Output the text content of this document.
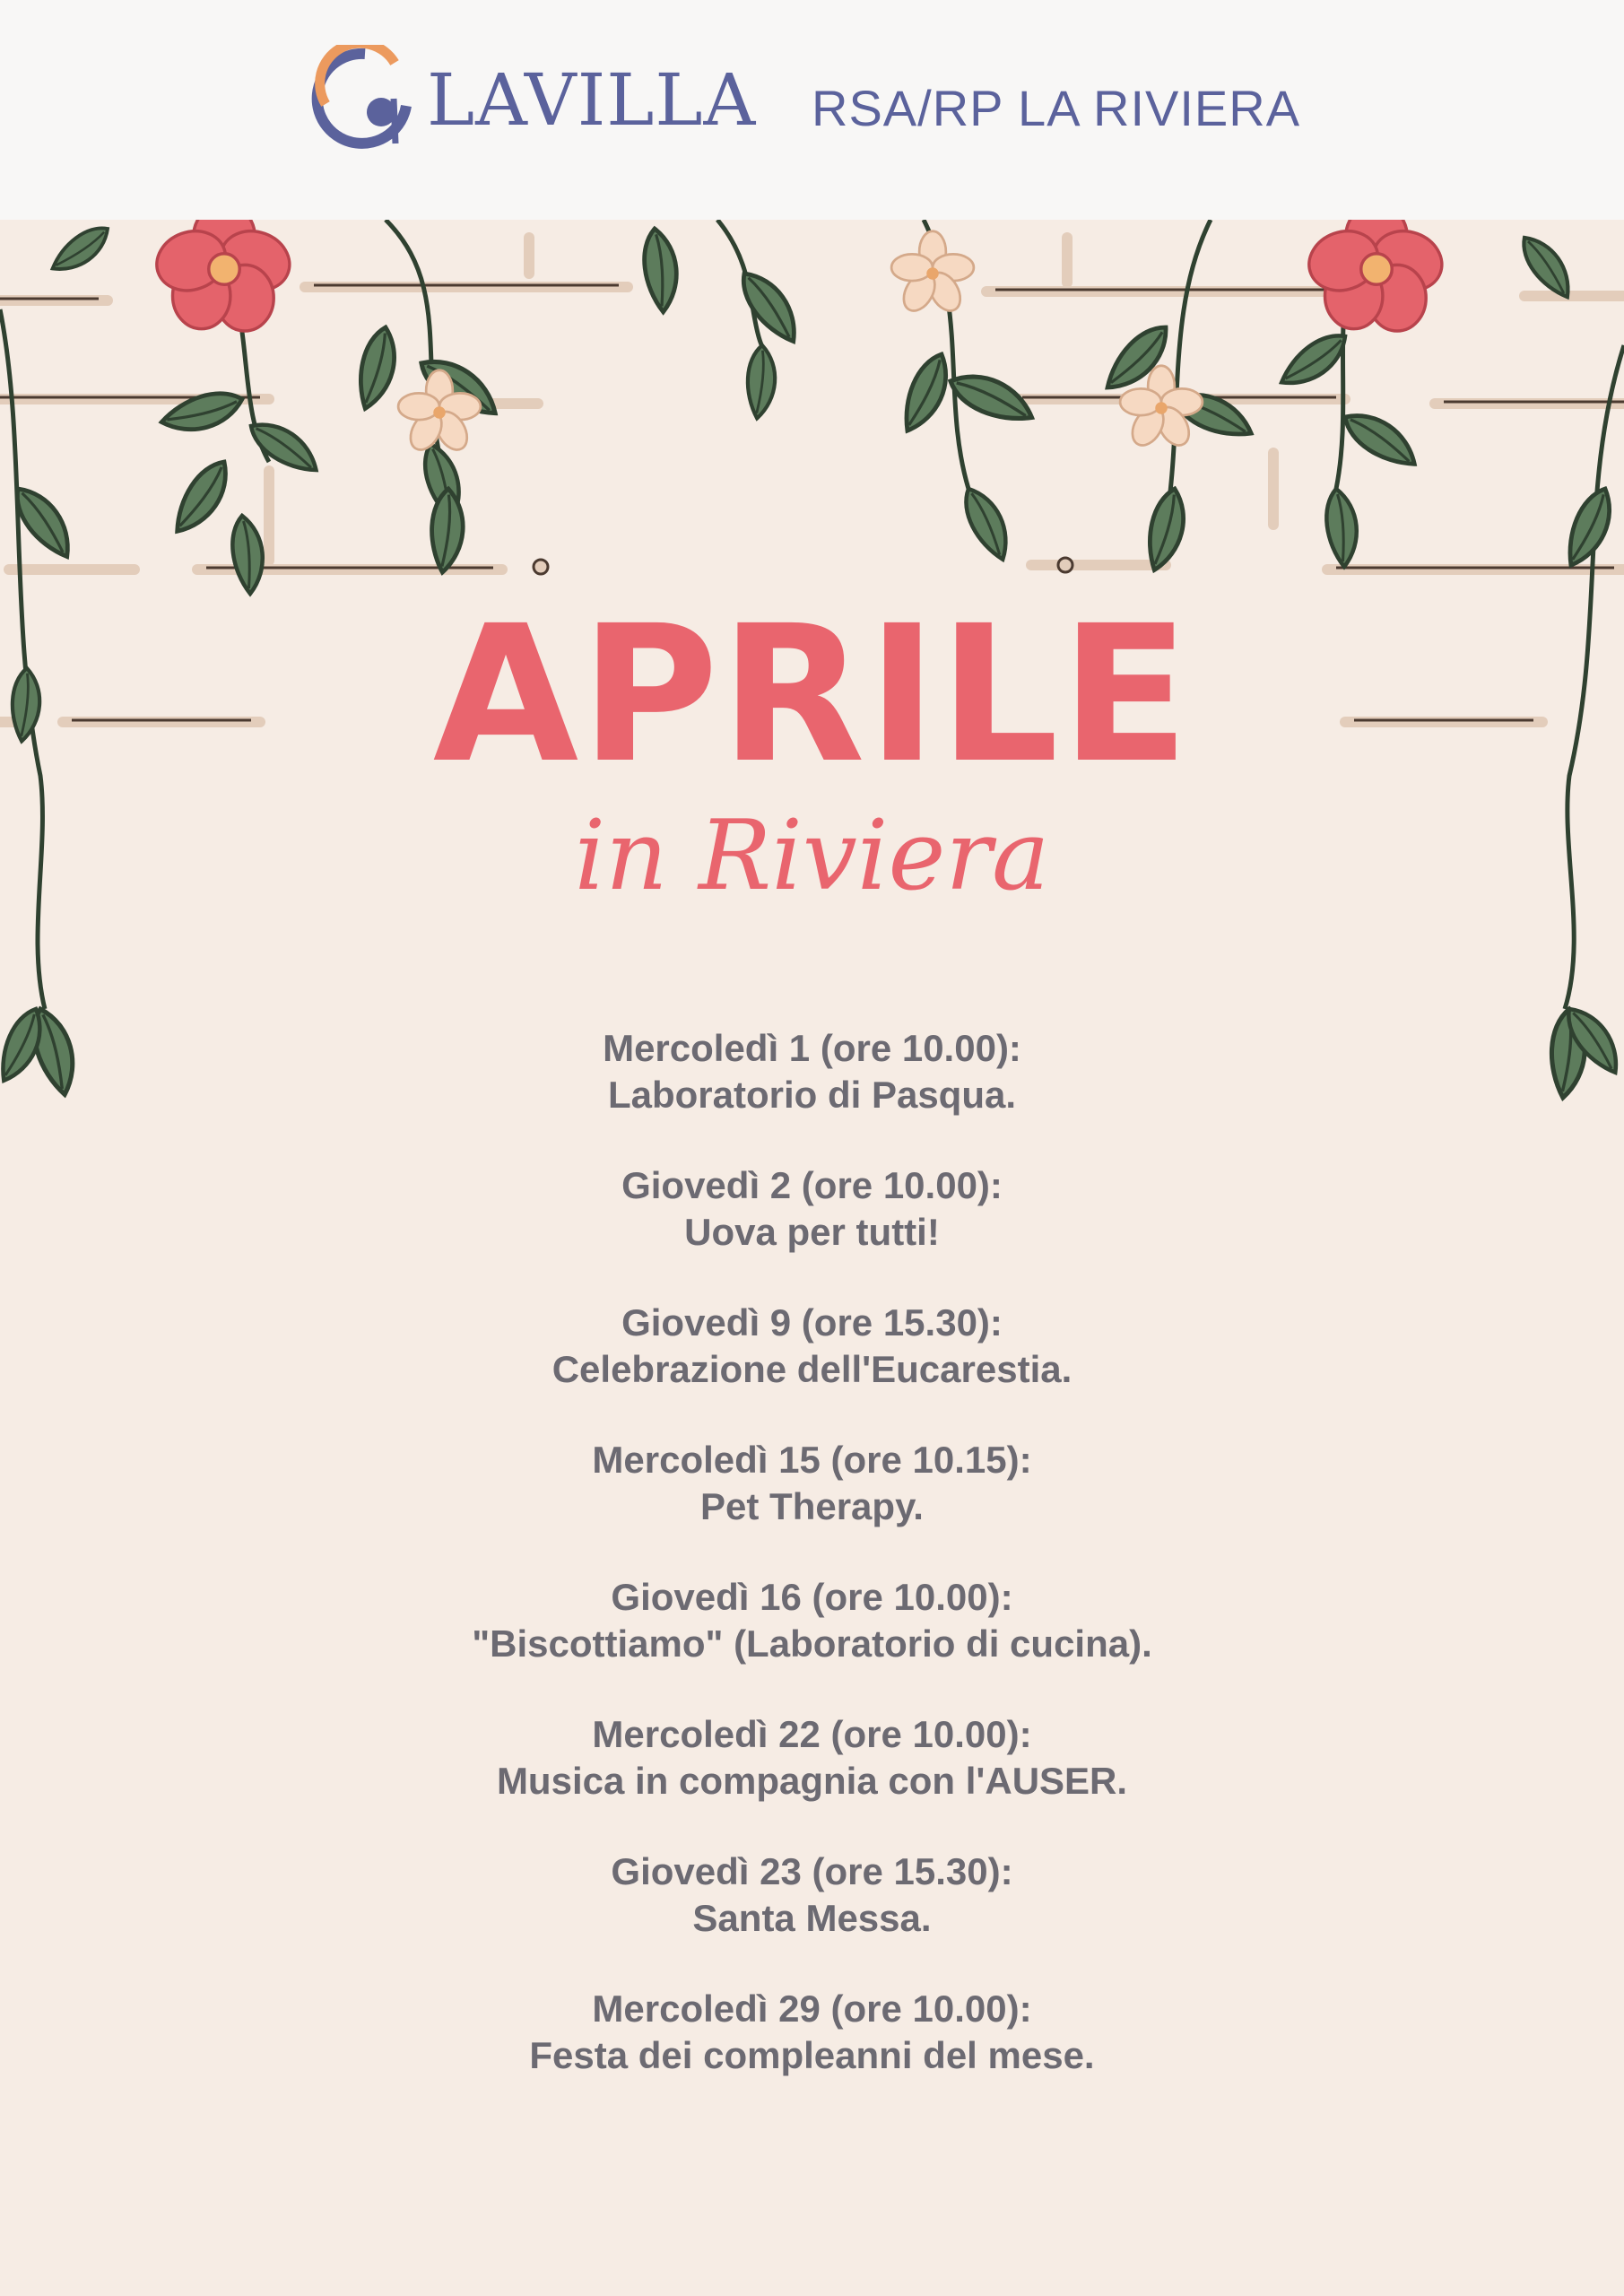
LAVILLA RSA/RP LA RIVIERA
APRILE
in Riviera
Mercoledì 1 (ore 10.00):
Laboratorio di Pasqua.
Giovedì 2 (ore 10.00):
Uova per tutti!
Giovedì 9 (ore 15.30):
Celebrazione dell'Eucarestia.
Mercoledì 15 (ore 10.15):
Pet Therapy.
Giovedì 16 (ore 10.00):
"Biscottiamo" (Laboratorio di cucina).
Mercoledì 22 (ore 10.00):
Musica in compagnia con l'AUSER.
Giovedì 23 (ore 15.30):
Santa Messa.
Mercoledì 29 (ore 10.00):
Festa dei compleanni del mese.
